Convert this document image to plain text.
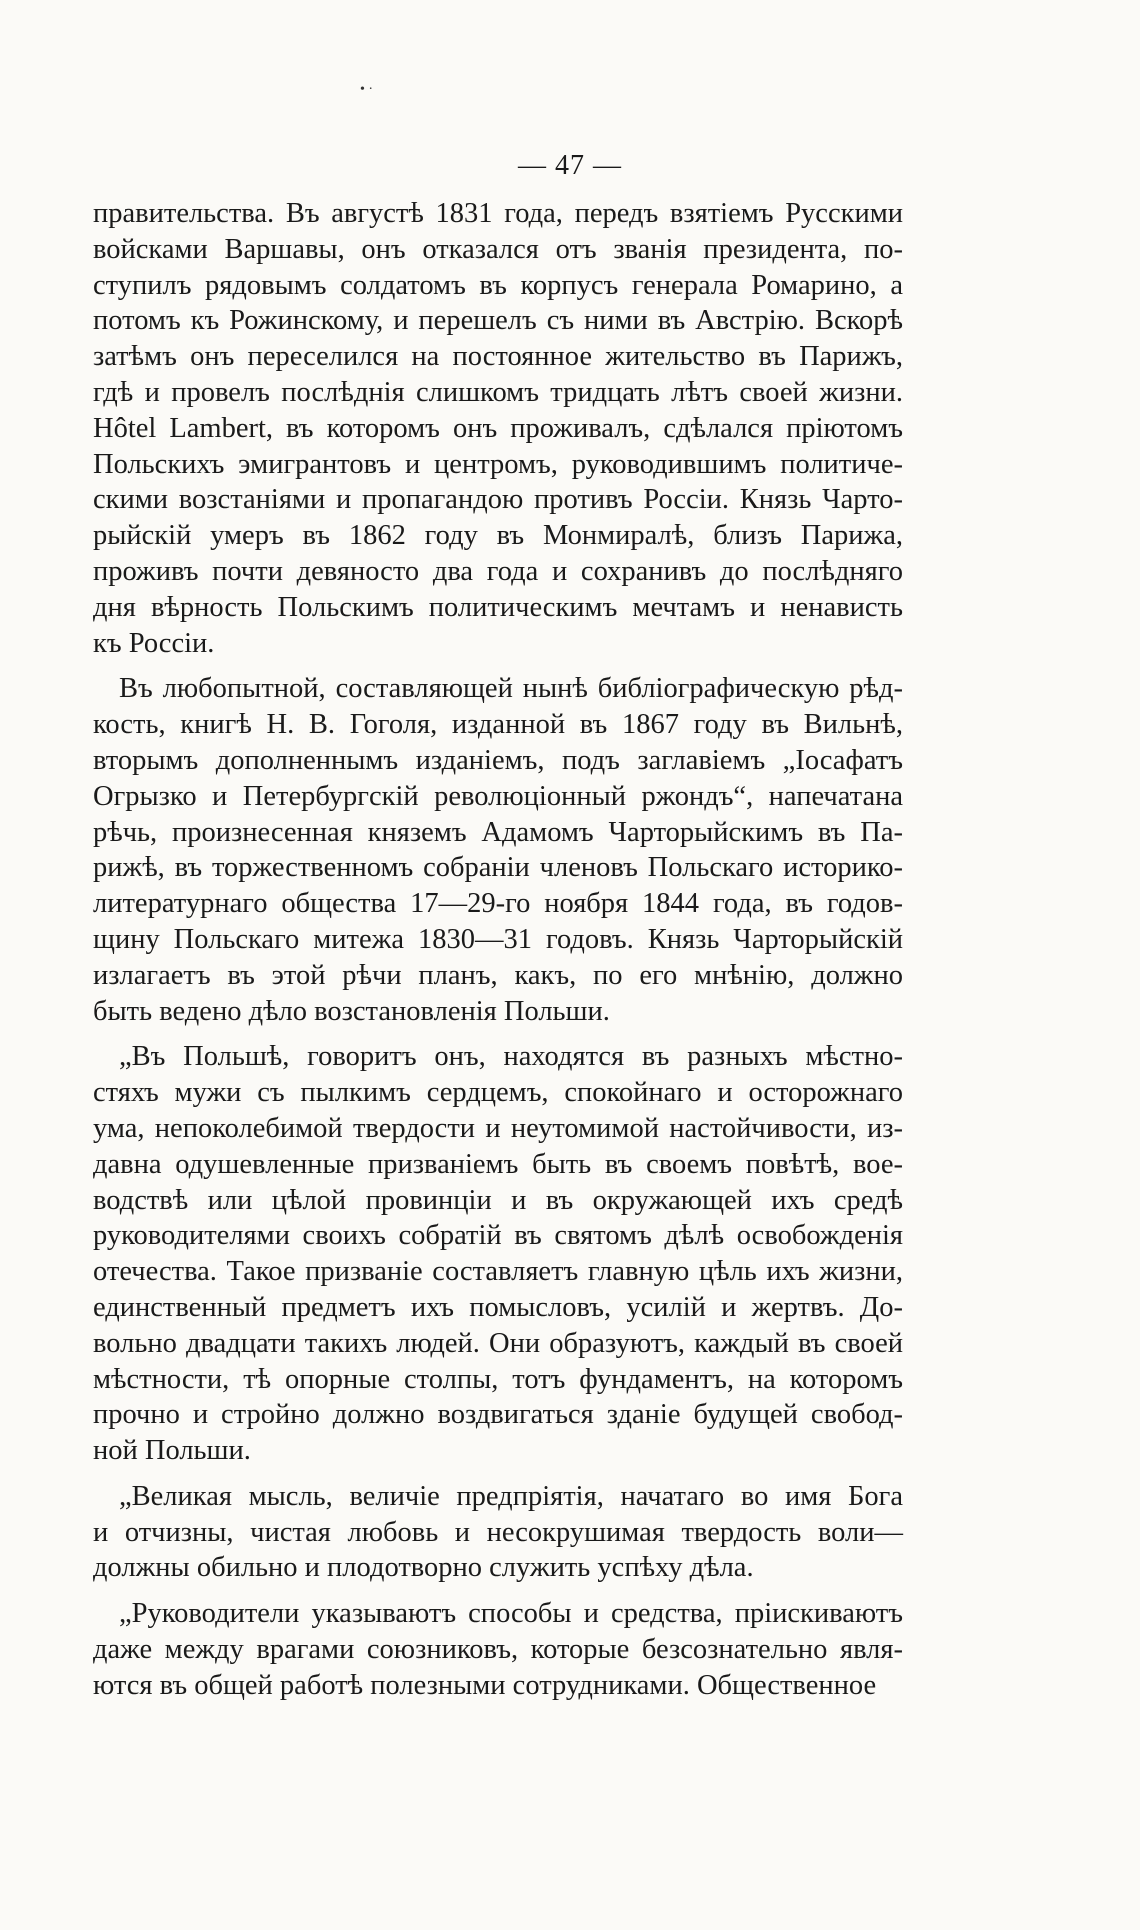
• ·
— 47 —

правительства. Въ августѣ 1831 года, передъ взятіемъ Русскими
войсками Варшавы, онъ отказался отъ званія президента, по-
ступилъ рядовымъ солдатомъ въ корпусъ генерала Ромарино, а
потомъ къ Рожинскому, и перешелъ съ ними въ Австрію. Вскорѣ
затѣмъ онъ переселился на постоянное жительство въ Парижъ,
гдѣ и провелъ послѣднія слишкомъ тридцать лѣтъ своей жизни.
Hôtel Lambert, въ которомъ онъ проживалъ, сдѣлался пріютомъ
Польскихъ эмигрантовъ и центромъ, руководившимъ политиче-
скими возстаніями и пропагандою противъ Россіи. Князь Чарто-
рыйскій умеръ въ 1862 году въ Монмиралѣ, близъ Парижа,
проживъ почти девяносто два года и сохранивъ до послѣдняго
дня вѣрность Польскимъ политическимъ мечтамъ и ненависть
къ Россіи.

Въ любопытной, составляющей нынѣ библіографическую рѣд-
кость, книгѣ Н. В. Гоголя, изданной въ 1867 году въ Вильнѣ,
вторымъ дополненнымъ изданіемъ, подъ заглавіемъ „Іосафатъ
Огрызко и Петербургскій революціонный ржондъ“, напечатана
рѣчь, произнесенная княземъ Адамомъ Чарторыйскимъ въ Па-
рижѣ, въ торжественномъ собраніи членовъ Польскаго историко-
литературнаго общества 17—29-го ноября 1844 года, въ годов-
щину Польскаго митежа 1830—31 годовъ. Князь Чарторыйскій
излагаетъ въ этой рѣчи планъ, какъ, по его мнѣнію, должно
быть ведено дѣло возстановленія Польши.

„Въ Польшѣ, говоритъ онъ, находятся въ разныхъ мѣстно-
стяхъ мужи съ пылкимъ сердцемъ, спокойнаго и осторожнаго
ума, непоколебимой твердости и неутомимой настойчивости, из-
давна одушевленные призваніемъ быть въ своемъ повѣтѣ, вое-
водствѣ или цѣлой провинціи и въ окружающей ихъ средѣ
руководителями своихъ собратій въ святомъ дѣлѣ освобожденія
отечества. Такое призваніе составляетъ главную цѣль ихъ жизни,
единственный предметъ ихъ помысловъ, усилій и жертвъ. До-
вольно двадцати такихъ людей. Они образуютъ, каждый въ своей
мѣстности, тѣ опорные столпы, тотъ фундаментъ, на которомъ
прочно и стройно должно воздвигаться зданіе будущей свобод-
ной Польши.

„Великая мысль, величіе предпріятія, начатаго во имя Бога
и отчизны, чистая любовь и несокрушимая твердость воли—
должны обильно и плодотворно служить успѣху дѣла.

„Руководители указываютъ способы и средства, пріискиваютъ
даже между врагами союзниковъ, которые безсознательно явля-
ются въ общей работѣ полезными сотрудниками. Общественное
